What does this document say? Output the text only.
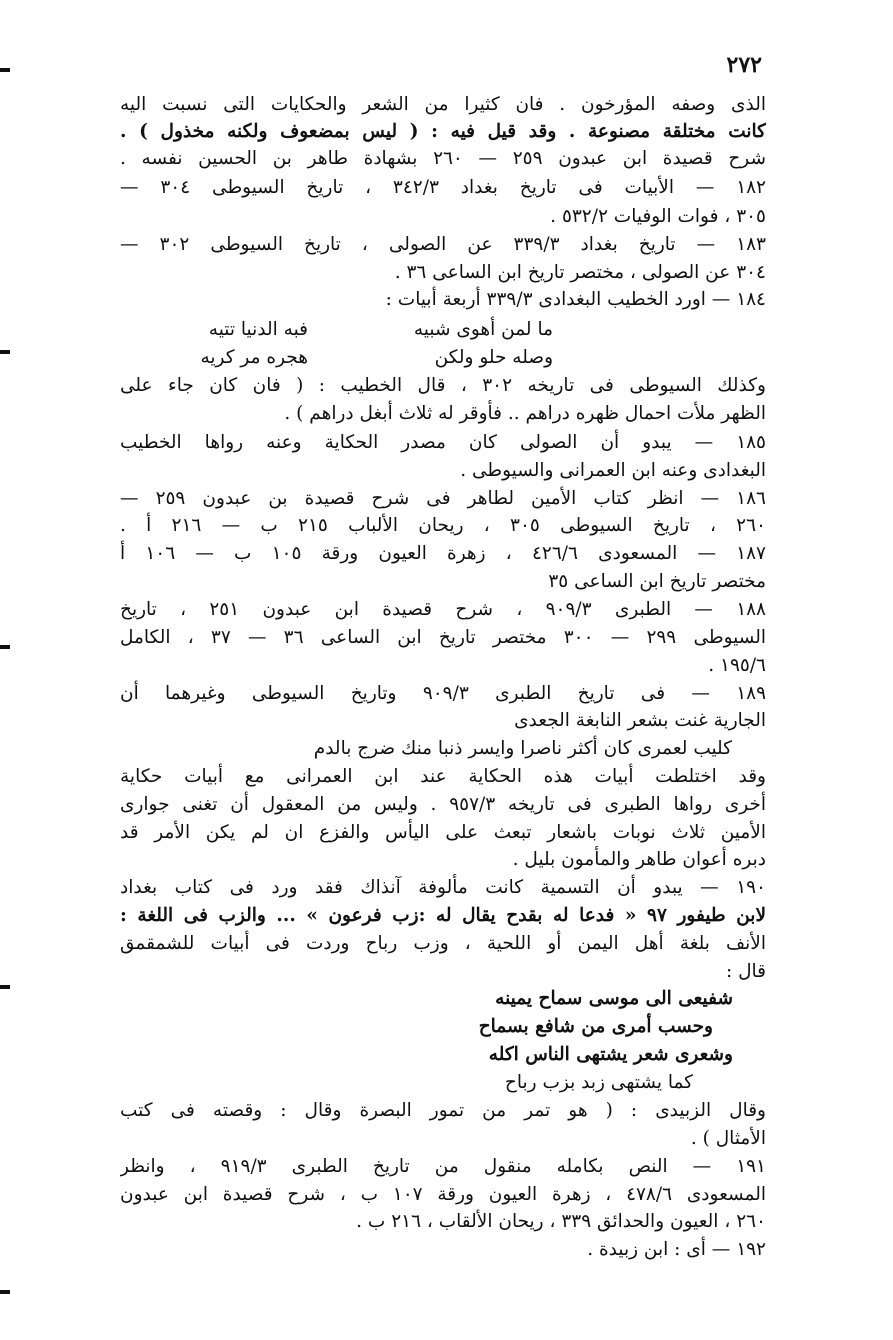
٢٧٢
الذى وصفه المؤرخون . فان كثيرا من الشعر والحكايات التى نسبت اليه
كانت مختلقة مصنوعة . وقد قيل فيه : ( ليس بمضعوف ولكنه مخذول ) .
شرح قصيدة ابن عبدون ٢٥٩ — ٢٦٠ بشهادة طاهر بن الحسين نفسه .
١٨٢ — الأبيات فى تاريخ بغداد ٣٤٢/٣ ، تاريخ السيوطى ٣٠٤ —
٣٠٥ ، فوات الوفيات ٥٣٢/٢ .
١٨٣ — تاريخ بغداد ٣٣٩/٣ عن الصولى ، تاريخ السيوطى ٣٠٢ —
٣٠٤ عن الصولى ، مختصر تاريخ ابن الساعى ٣٦ .
١٨٤ — اورد الخطيب البغدادى ٣٣٩/٣ أربعة أبيات :
ما لمن أهوى شبيه
فبه الدنيا تتيه
وصله حلو ولكن
هجره مر كريه
وكذلك السيوطى فى تاريخه ٣٠٢ ، قال الخطيب : ( فان كان جاء على
الظهر ملأت احمال ظهره دراهم .. فأوقر له ثلاث أبغل دراهم ) .
١٨٥ — يبدو أن الصولى كان مصدر الحكاية وعنه رواها الخطيب
البغدادى وعنه ابن العمرانى والسيوطى .
١٨٦ — انظر كتاب الأمين لطاهر فى شرح قصيدة بن عبدون ٢٥٩ —
٢٦٠ ، تاريخ السيوطى ٣٠٥ ، ريحان الألباب ٢١٥ ب — ٢١٦ أ .
١٨٧ — المسعودى ٤٢٦/٦ ، زهرة العيون ورقة ١٠٥ ب — ١٠٦ أ
مختصر تاريخ ابن الساعى ٣٥
١٨٨ — الطبرى ٩٠٩/٣ ، شرح قصيدة ابن عبدون ٢٥١ ، تاريخ
السيوطى ٢٩٩ — ٣٠٠ مختصر تاريخ ابن الساعى ٣٦ — ٣٧ ، الكامل
١٩٥/٦ .
١٨٩ — فى تاريخ الطبرى ٩٠٩/٣ وتاريخ السيوطى وغيرهما أن
الجارية غنت بشعر النابغة الجعدى
كليب لعمرى كان أكثر ناصرا وايسر ذنبا منك ضرج بالدم
وقد اختلطت أبيات هذه الحكاية عند ابن العمرانى مع أبيات حكاية
أخرى رواها الطبرى فى تاريخه ٩٥٧/٣ . وليس من المعقول أن تغنى جوارى
الأمين ثلاث نوبات باشعار تبعث على اليأس والفزع ان لم يكن الأمر قد
دبره أعوان طاهر والمأمون بليل .
١٩٠ — يبدو أن التسمية كانت مألوفة آنذاك فقد ورد فى كتاب بغداد
لابن طيفور ٩٧ « فدعا له بقدح يقال له :زب فرعون » ... والزب فى اللغة :
الأنف بلغة أهل اليمن أو اللحية ، وزب رباح وردت فى أبيات للشمقمق
قال :
شفيعى الى موسى سماح يمينه
وحسب أمرى من شافع بسماح
وشعرى شعر يشتهى الناس اكله
كما يشتهى زبد بزب رباح
وقال الزبيدى : ( هو تمر من تمور البصرة وقال : وقصته فى كتب
الأمثال ) .
١٩١ — النص بكامله منقول من تاريخ الطبرى ٩١٩/٣ ، وانظر
المسعودى ٤٧٨/٦ ، زهرة العيون ورقة ١٠٧ ب ، شرح قصيدة ابن عبدون
٢٦٠ ، العيون والحدائق ٣٣٩ ، ريحان الألقاب ، ٢١٦ ب .
١٩٢ — أى : ابن زبيدة .
